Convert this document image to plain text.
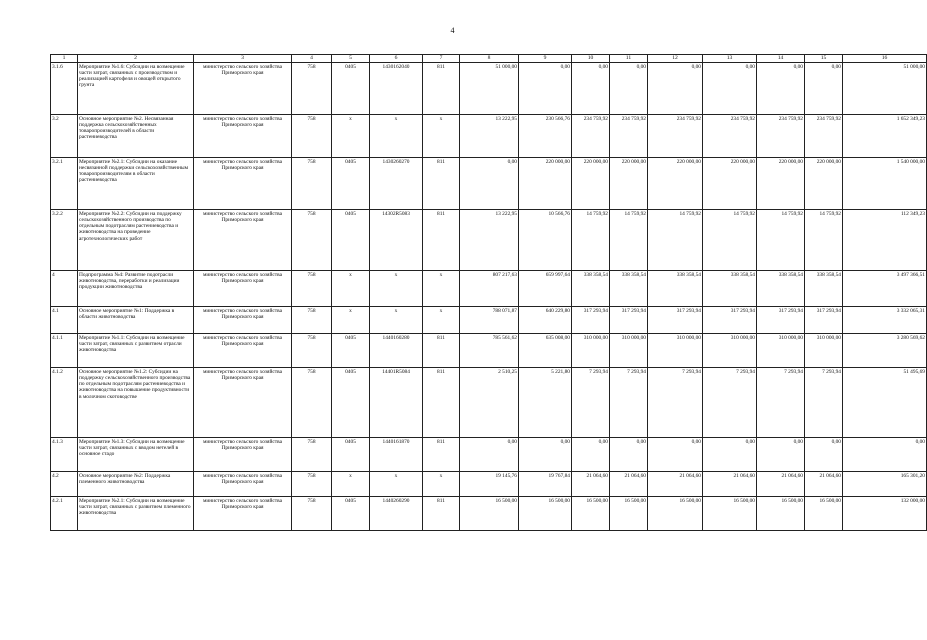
4
1	2	3	4	5	6	7	8	9	10	11	12	13	14	15	16
3.1.6	Мероприятие №1.6: Субсидии на возмещение части затрат, связанных с производством и реализацией картофеля и овощей открытого грунта	министерство сельского хозяйства Приморского края	758	0405	1430162040	811	51 000,00	0,00	0,00	0,00	0,00	0,00	0,00	0,00	51 000,00
3.2	Основное мероприятие №2. Несвязанная поддержка сельскохозяйственных товаропроизводителей в области растениеводства	министерство сельского хозяйства Приморского края	758	x	x	x	13 222,95	230 566,76	234 759,92	234 759,92	234 759,92	234 759,92	234 759,92	234 759,92	1 652 349,23
3.2.1	Мероприятие №2.1: Субсидии на оказание несвязанной поддержки сельскохозяйственным товаропроизводителям в области растениеводства	министерство сельского хозяйства Приморского края	758	0405	1430260270	811	0,00	220 000,00	220 000,00	220 000,00	220 000,00	220 000,00	220 000,00	220 000,00	1 540 000,00
3.2.2	Мероприятие №2.2: Субсидии на поддержку сельскохозяйственного производства по отдельным подотраслям растениеводства и животноводства на проведение агротехнологических работ	министерство сельского хозяйства Приморского края	758	0405	14302R5083	811	13 222,95	10 566,76	14 759,92	14 759,92	14 759,92	14 759,92	14 759,92	14 759,92	112 349,23
4	Подпрограмма №4: Развитие подотрасли животноводства, переработки и реализации продукции животноводства	министерство сельского хозяйства Приморского края	758	x	x	x	807 217,63	659 997,64	338 358,54	338 358,54	338 358,54	338 358,54	338 358,54	338 358,54	3 497 366,51
4.1	Основное мероприятие №1: Поддержка в области животноводства	министерство сельского хозяйства Приморского края	758	x	x	x	788 071,87	640 229,80	317 293,94	317 293,94	317 293,94	317 293,94	317 293,94	317 293,94	3 332 065,31
4.1.1	Мероприятие №1.1: Субсидии на возмещение части затрат, связанных с развитием отрасли животноводства	министерство сельского хозяйства Приморского края	758	0405	1440160280	811	785 561,62	635 008,00	310 000,00	310 000,00	310 000,00	310 000,00	310 000,00	310 000,00	3 280 569,62
4.1.2	Основное мероприятие №1.2: Субсидии на поддержку сельскохозяйственного производства по отдельным подотраслям растениеводства и животноводства на повышение продуктивности в молочном скотоводстве	министерство сельского хозяйства Приморского края	758	0405	14401R5084	811	2 510,25	5 221,80	7 293,94	7 293,94	7 293,94	7 293,94	7 293,94	7 293,94	51 495,69
4.1.3	Мероприятие №1.3: Субсидии на возмещение части затрат, связанных с вводом нетелей в основное стадо	министерство сельского хозяйства Приморского края	758	0405	1440161870	811	0,00	0,00	0,00	0,00	0,00	0,00	0,00	0,00	0,00
4.2	Основное мероприятие №2: Поддержка племенного животноводства	министерство сельского хозяйства Приморского края	758	x	x	x	19 145,76	19 767,84	21 064,60	21 064,60	21 064,60	21 064,60	21 064,60	21 064,60	165 301,20
4.2.1	Мероприятие №2.1: Субсидии на возмещение части затрат, связанных с развитием племенного животноводства	министерство сельского хозяйства Приморского края	758	0405	1440260290	811	16 500,00	16 500,00	16 500,00	16 500,00	16 500,00	16 500,00	16 500,00	16 500,00	132 000,00
